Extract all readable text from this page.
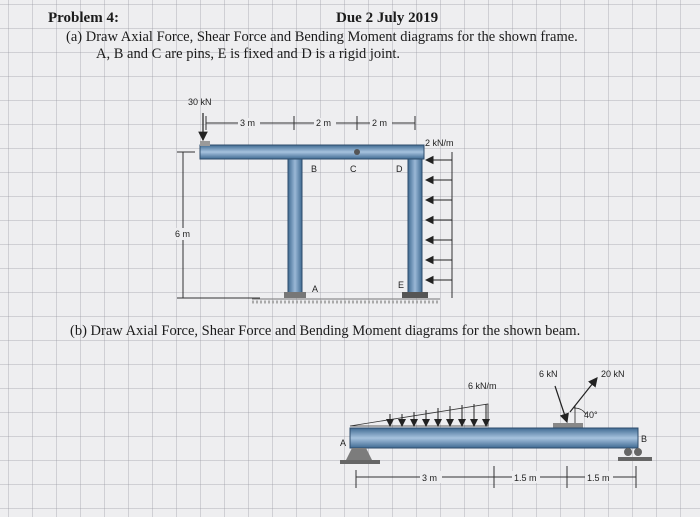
Problem 4:	Due 2 July 2019
(a) Draw Axial Force, Shear Force and Bending Moment diagrams for the shown frame.
A, B and C are pins, E is fixed and D is a rigid joint.
(b) Draw Axial Force, Shear Force and Bending Moment diagrams for the shown beam.
30 kN
3 m	2 m	2 m
B	C	D
A	E
2 kN/m
6 m
6 kN/m
6 kN
40°
20 kN
A	B
3 m	1.5 m	1.5 m
